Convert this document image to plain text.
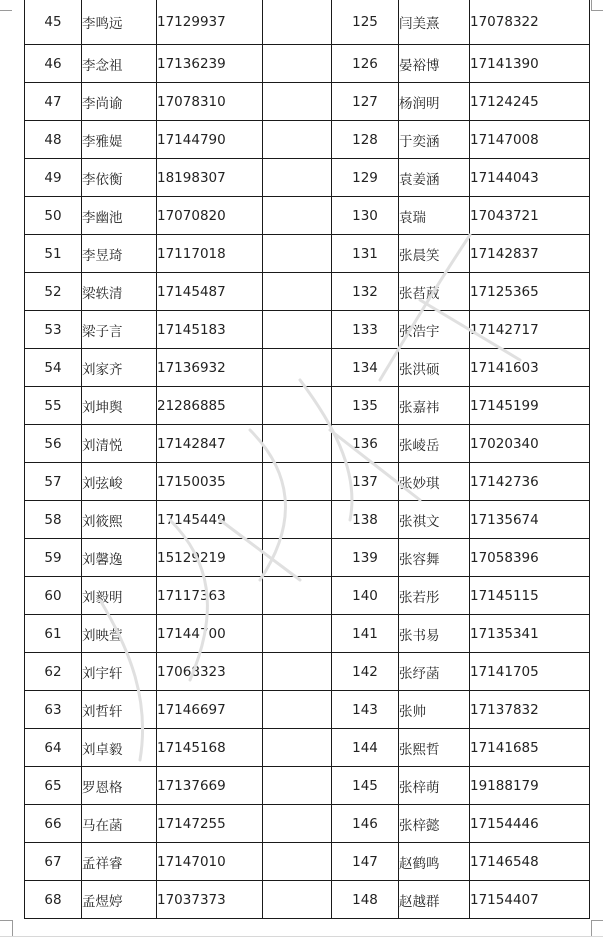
45	李鸣远	17129937		125	闫美熹	17078322
46	李念祖	17136239		126	晏裕博	17141390
47	李尚谕	17078310		127	杨润明	17124245
48	李雅媞	17144790		128	于奕涵	17147008
49	李依衡	18198307		129	袁姜涵	17144043
50	李幽池	17070820		130	袁瑞	17043721
51	李昱琦	17117018		131	张晨笑	17142837
52	梁轶清	17145487		132	张萏葳	17125365
53	梁子言	17145183		133	张浩宇	17142717
54	刘家齐	17136932		134	张洪硕	17141603
55	刘坤舆	21286885		135	张嘉祎	17145199
56	刘清悦	17142847		136	张崚岳	17020340
57	刘弦峻	17150035		137	张妙琪	17142736
58	刘筱熙	17145449		138	张祺文	17135674
59	刘馨逸	15129219		139	张容舞	17058396
60	刘毅明	17117363		140	张若彤	17145115
61	刘映萱	17144700		141	张书易	17135341
62	刘宇轩	17068323		142	张纾菡	17141705
63	刘哲轩	17146697		143	张帅	17137832
64	刘卓毅	17145168		144	张熙哲	17141685
65	罗恩格	17137669		145	张梓萌	19188179
66	马在菡	17147255		146	张梓懿	17154446
67	孟祥睿	17147010		147	赵鹤鸣	17146548
68	孟煜婷	17037373		148	赵越群	17154407
